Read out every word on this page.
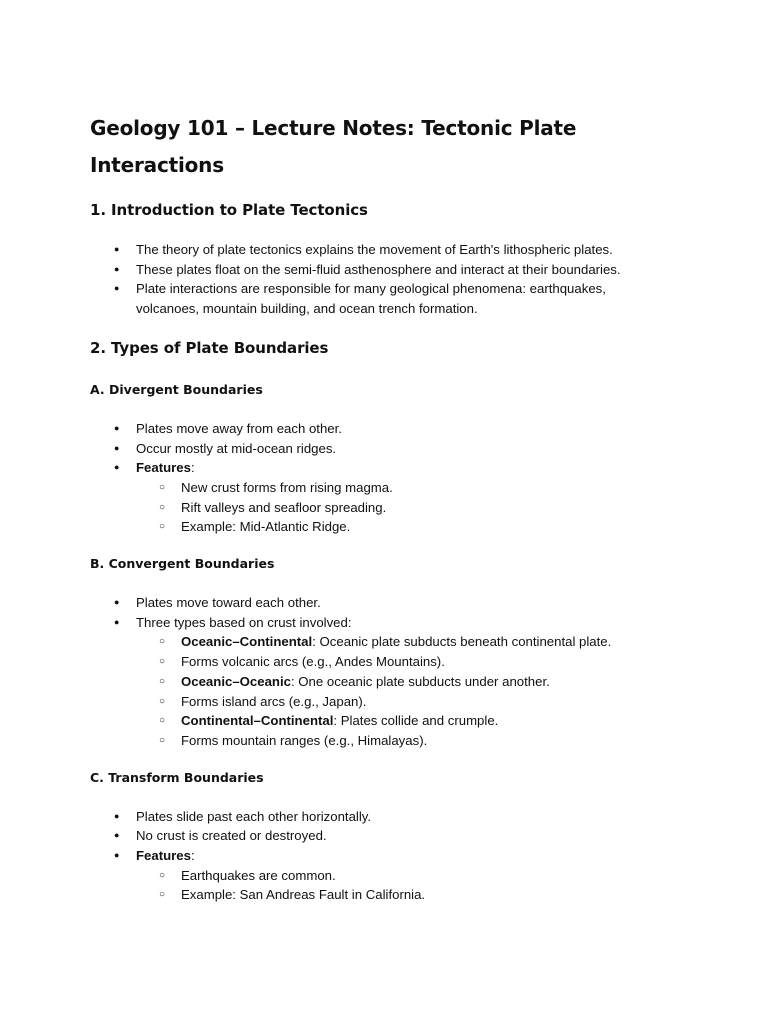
Geology 101 – Lecture Notes: Tectonic Plate
Interactions
1. Introduction to Plate Tectonics
● The theory of plate tectonics explains the movement of Earth's lithospheric plates.
● These plates float on the semi-fluid asthenosphere and interact at their boundaries.
● Plate interactions are responsible for many geological phenomena: earthquakes,
volcanoes, mountain building, and ocean trench formation.
2. Types of Plate Boundaries
A. Divergent Boundaries
● Plates move away from each other.
● Occur mostly at mid-ocean ridges.
● Features:
○ New crust forms from rising magma.
○ Rift valleys and seafloor spreading.
○ Example: Mid-Atlantic Ridge.
B. Convergent Boundaries
● Plates move toward each other.
● Three types based on crust involved:
○ Oceanic–Continental: Oceanic plate subducts beneath continental plate.
○ Forms volcanic arcs (e.g., Andes Mountains).
○ Oceanic–Oceanic: One oceanic plate subducts under another.
○ Forms island arcs (e.g., Japan).
○ Continental–Continental: Plates collide and crumple.
○ Forms mountain ranges (e.g., Himalayas).
C. Transform Boundaries
● Plates slide past each other horizontally.
● No crust is created or destroyed.
● Features:
○ Earthquakes are common.
○ Example: San Andreas Fault in California.
